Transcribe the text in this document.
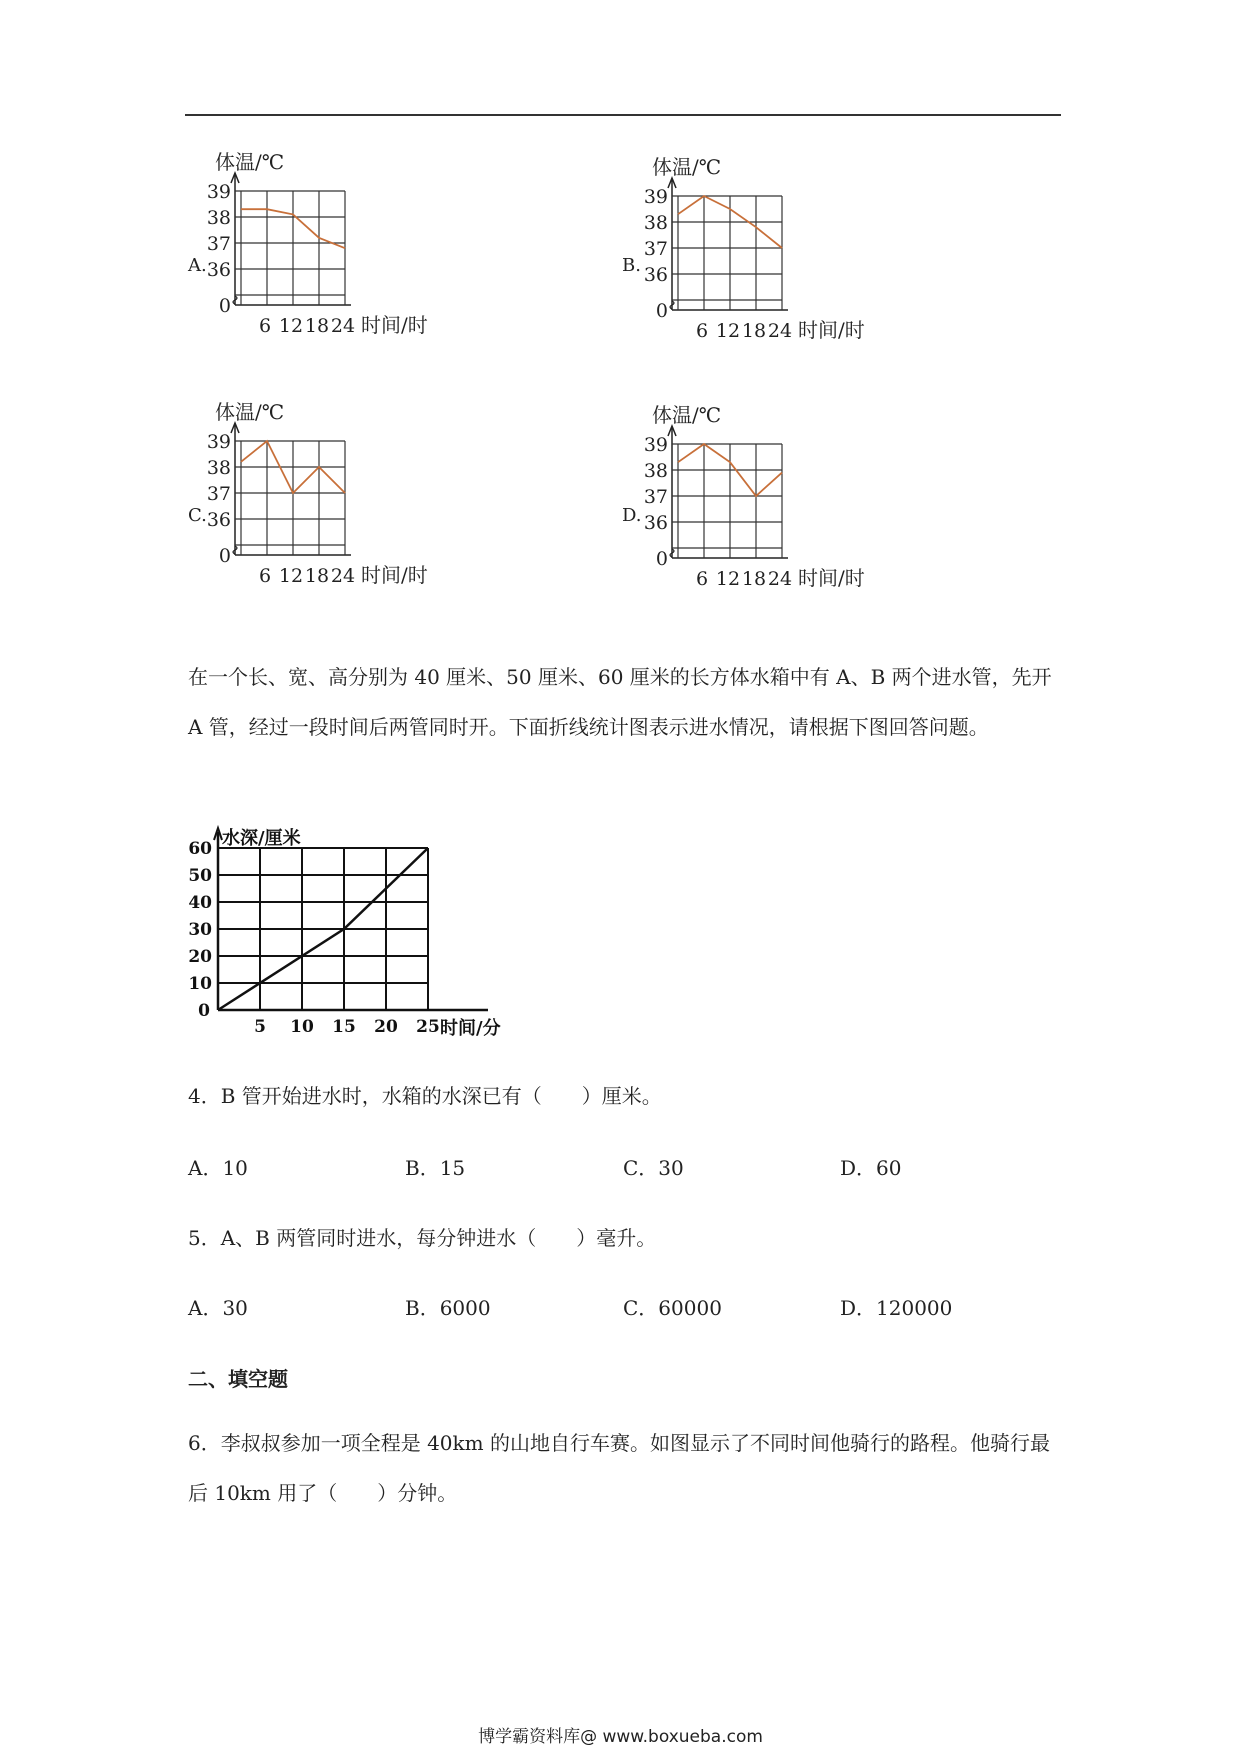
A.
体温/℃
39
38
37
36
0
6 12 18 24 时间/时
B.
体温/℃
39
38
37
36
0
6 12 18 24 时间/时
C.
体温/℃
39
38
37
36
0
6 12 18 24 时间/时
D.
体温/℃
39
38
37
36
0
6 12 18 24 时间/时
在一个长、宽、高分别为 40 厘米、50 厘米、60 厘米的长方体水箱中有 A、B 两个进水管，先开 A 管，经过一段时间后两管同时开。下面折线统计图表示进水情况，请根据下图回答问题。
10
20
30
40
50
60
0
5 10 15 20 25
水深/厘米
时间/分
4．B 管开始进水时，水箱的水深已有（　　）厘米。
A．10	B．15	C．30	D．60
5．A、B 两管同时进水，每分钟进水（　　）毫升。
A．30	B．6000	C．60000	D．120000
二、填空题
6．李叔叔参加一项全程是 40km 的山地自行车赛。如图显示了不同时间他骑行的路程。他骑行最后 10km 用了（　　）分钟。
博学霸资料库@ www.boxueba.com
